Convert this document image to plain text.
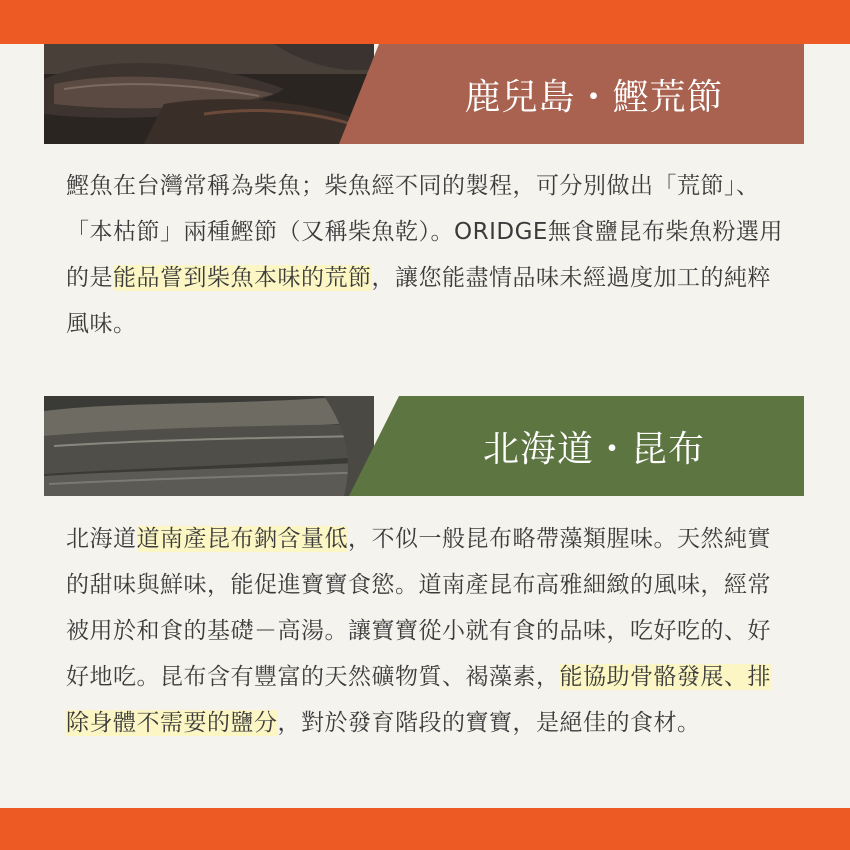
鹿兒島・鰹荒節
鰹魚在台灣常稱為柴魚；柴魚經不同的製程，可分別做出「荒節」、「本枯節」兩種鰹節（又稱柴魚乾）。ORIDGE無食鹽昆布柴魚粉選用的是能品嘗到柴魚本味的荒節，讓您能盡情品味未經過度加工的純粹風味。
北海道・昆布
北海道道南產昆布鈉含量低，不似一般昆布略帶藻類腥味。天然純實的甜味與鮮味，能促進寶寶食慾。道南產昆布高雅細緻的風味，經常被用於和食的基礎－高湯。讓寶寶從小就有食的品味，吃好吃的、好好地吃。昆布含有豐富的天然礦物質、褐藻素，能協助骨骼發展、排除身體不需要的鹽分，對於發育階段的寶寶，是絕佳的食材。
